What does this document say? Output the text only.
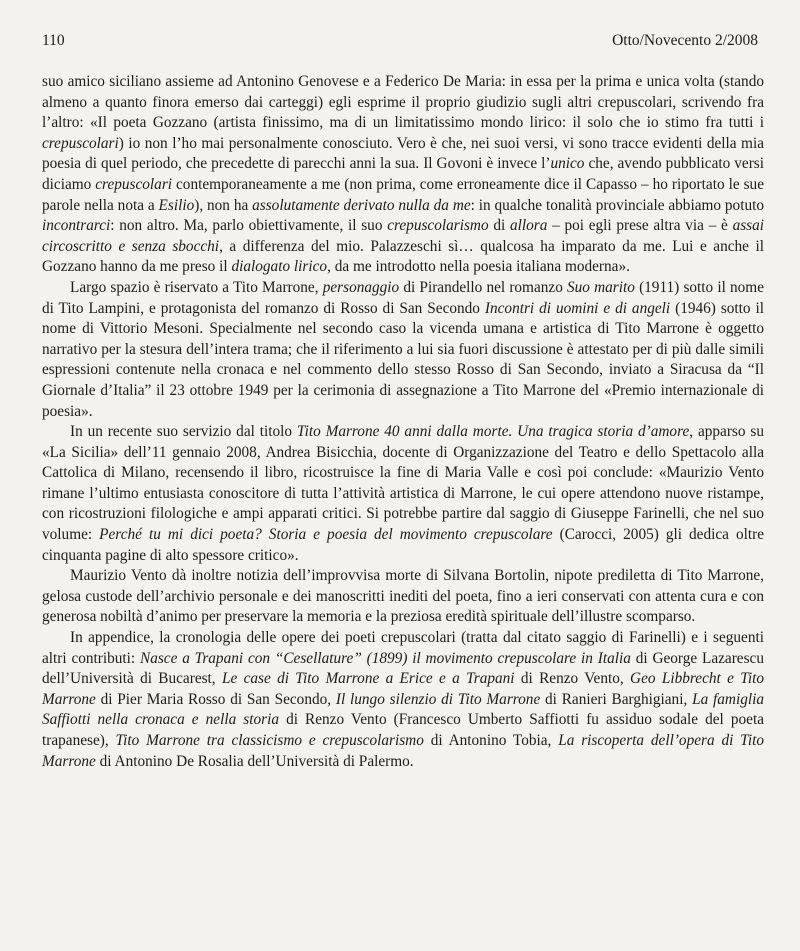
110	Otto/Novecento 2/2008

suo amico siciliano assieme ad Antonino Genovese e a Federico De Maria: in essa per la prima e unica volta (stando almeno a quanto finora emerso dai carteggi) egli esprime il proprio giudizio sugli altri crepuscolari, scrivendo fra l’altro: «Il poeta Gozzano (artista finissimo, ma di un limitatissimo mondo lirico: il solo che io stimo fra tutti i crepuscolari) io non l’ho mai personalmente conosciuto. Vero è che, nei suoi versi, vi sono tracce evidenti della mia poesia di quel periodo, che precedette di parecchi anni la sua. Il Govoni è invece l’unico che, avendo pubblicato versi diciamo crepuscolari contemporaneamente a me (non prima, come erroneamente dice il Capasso – ho riportato le sue parole nella nota a Esilio), non ha assolutamente derivato nulla da me: in qualche tonalità provinciale abbiamo potuto incontrarci: non altro. Ma, parlo obiettivamente, il suo crepuscolarismo di allora – poi egli prese altra via – è assai circoscritto e senza sbocchi, a differenza del mio. Palazzeschi sì… qualcosa ha imparato da me. Lui e anche il Gozzano hanno da me preso il dialogato lirico, da me introdotto nella poesia italiana moderna».

Largo spazio è riservato a Tito Marrone, personaggio di Pirandello nel romanzo Suo marito (1911) sotto il nome di Tito Lampini, e protagonista del romanzo di Rosso di San Secondo Incontri di uomini e di angeli (1946) sotto il nome di Vittorio Mesoni. Specialmente nel secondo caso la vicenda umana e artistica di Tito Marrone è oggetto narrativo per la stesura dell’intera trama; che il riferimento a lui sia fuori discussione è attestato per di più dalle simili espressioni contenute nella cronaca e nel commento dello stesso Rosso di San Secondo, inviato a Siracusa da “Il Giornale d’Italia” il 23 ottobre 1949 per la cerimonia di assegnazione a Tito Marrone del «Premio internazionale di poesia».

In un recente suo servizio dal titolo Tito Marrone 40 anni dalla morte. Una tragica storia d’amore, apparso su «La Sicilia» dell’11 gennaio 2008, Andrea Bisicchia, docente di Organizzazione del Teatro e dello Spettacolo alla Cattolica di Milano, recensendo il libro, ricostruisce la fine di Maria Valle e così poi conclude: «Maurizio Vento rimane l’ultimo entusiasta conoscitore di tutta l’attività artistica di Marrone, le cui opere attendono nuove ristampe, con ricostruzioni filologiche e ampi apparati critici. Si potrebbe partire dal saggio di Giuseppe Farinelli, che nel suo volume: Perché tu mi dici poeta? Storia e poesia del movimento crepuscolare (Carocci, 2005) gli dedica oltre cinquanta pagine di alto spessore critico».

Maurizio Vento dà inoltre notizia dell’improvvisa morte di Silvana Bortolin, nipote prediletta di Tito Marrone, gelosa custode dell’archivio personale e dei manoscritti inediti del poeta, fino a ieri conservati con attenta cura e con generosa nobiltà d’animo per preservare la memoria e la preziosa eredità spirituale dell’illustre scomparso.

In appendice, la cronologia delle opere dei poeti crepuscolari (tratta dal citato saggio di Farinelli) e i seguenti altri contributi: Nasce a Trapani con “Cesellature” (1899) il movimento crepuscolare in Italia di George Lazarescu dell’Università di Bucarest, Le case di Tito Marrone a Erice e a Trapani di Renzo Vento, Geo Libbrecht e Tito Marrone di Pier Maria Rosso di San Secondo, Il lungo silenzio di Tito Marrone di Ranieri Barghigiani, La famiglia Saffiotti nella cronaca e nella storia di Renzo Vento (Francesco Umberto Saffiotti fu assiduo sodale del poeta trapanese), Tito Marrone tra classicismo e crepuscolarismo di Antonino Tobia, La riscoperta dell’opera di Tito Marrone di Antonino De Rosalia dell’Università di Palermo.
